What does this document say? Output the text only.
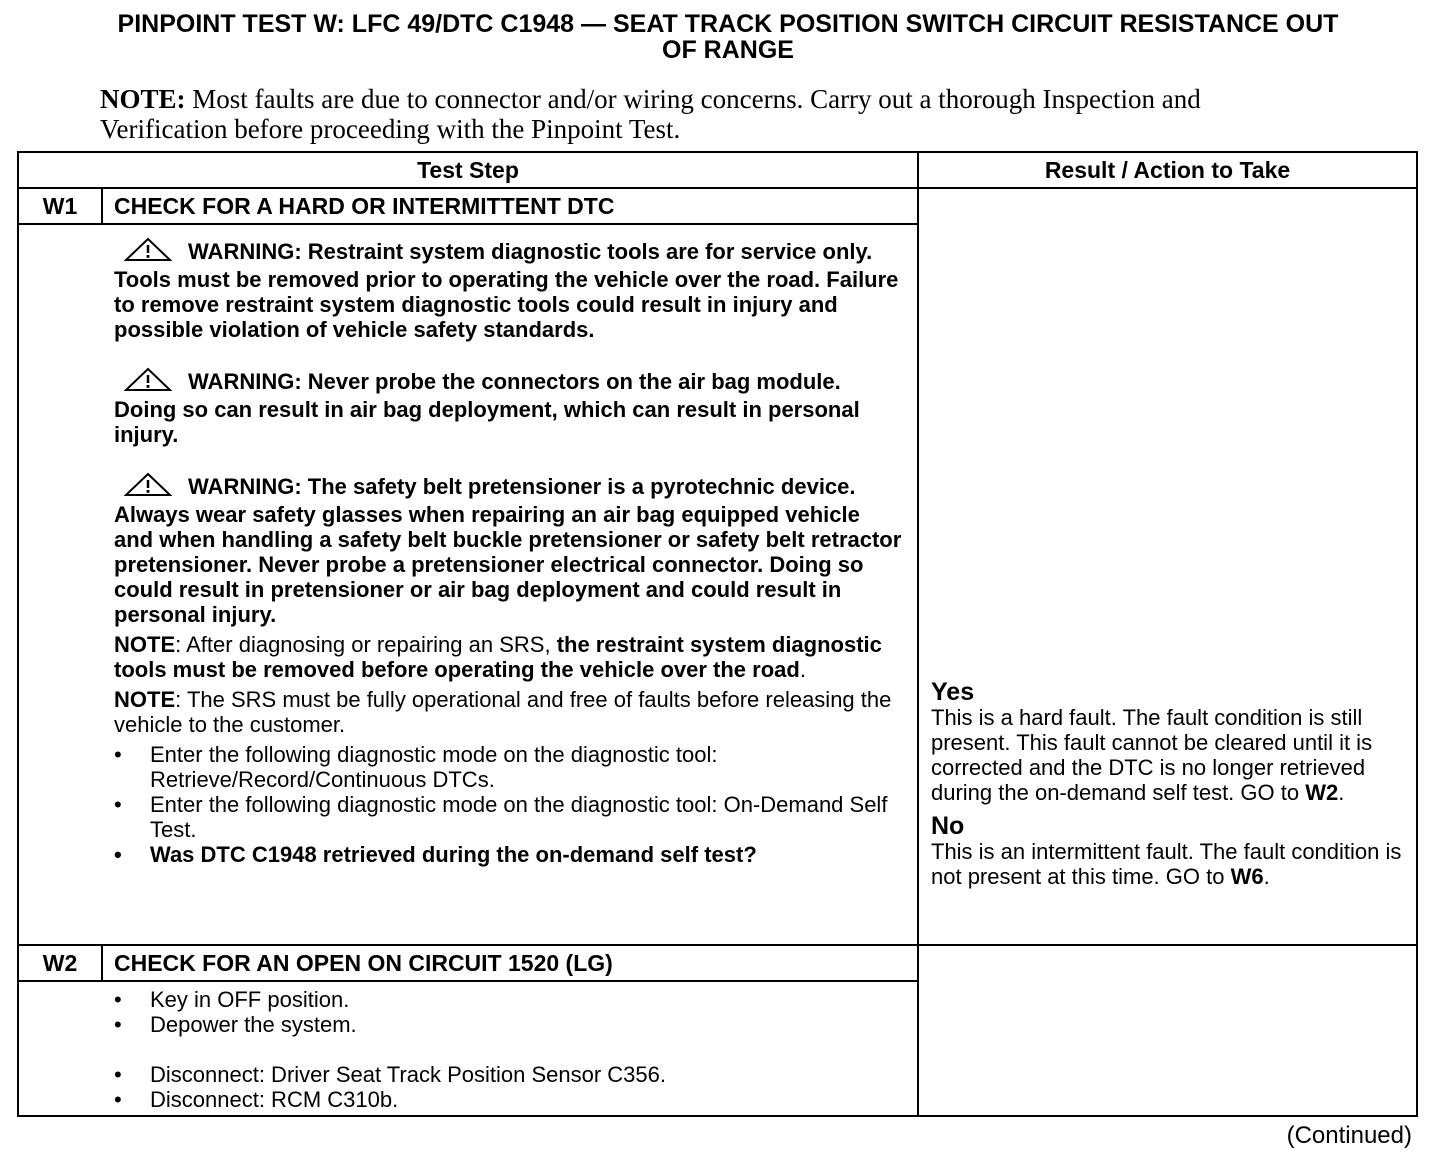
PINPOINT TEST W: LFC 49/DTC C1948 — SEAT TRACK POSITION SWITCH CIRCUIT RESISTANCE OUT
OF RANGE
NOTE: Most faults are due to connector and/or wiring concerns. Carry out a thorough Inspection and Verification before proceeding with the Pinpoint Test.
Test Step	Result / Action to Take
W1	CHECK FOR A HARD OR INTERMITTENT DTC

WARNING: Restraint system diagnostic tools are for service only. Tools must be removed prior to operating the vehicle over the road. Failure to remove restraint system diagnostic tools could result in injury and possible violation of vehicle safety standards.

WARNING: Never probe the connectors on the air bag module. Doing so can result in air bag deployment, which can result in personal injury.

WARNING: The safety belt pretensioner is a pyrotechnic device. Always wear safety glasses when repairing an air bag equipped vehicle and when handling a safety belt buckle pretensioner or safety belt retractor pretensioner. Never probe a pretensioner electrical connector. Doing so could result in pretensioner or air bag deployment and could result in personal injury.

NOTE: After diagnosing or repairing an SRS, the restraint system diagnostic tools must be removed before operating the vehicle over the road.

NOTE: The SRS must be fully operational and free of faults before releasing the vehicle to the customer.

• Enter the following diagnostic mode on the diagnostic tool: Retrieve/Record/Continuous DTCs.

• Enter the following diagnostic mode on the diagnostic tool: On-Demand Self Test.

• Was DTC C1948 retrieved during the on-demand self test?

Yes

This is a hard fault. The fault condition is still present. This fault cannot be cleared until it is corrected and the DTC is no longer retrieved during the on-demand self test. GO to W2.

No

This is an intermittent fault. The fault condition is not present at this time. GO to W6.

W2	CHECK FOR AN OPEN ON CIRCUIT 1520 (LG)

• Key in OFF position.

• Depower the system.

• Disconnect: Driver Seat Track Position Sensor C356.

• Disconnect: RCM C310b.

(Continued)
